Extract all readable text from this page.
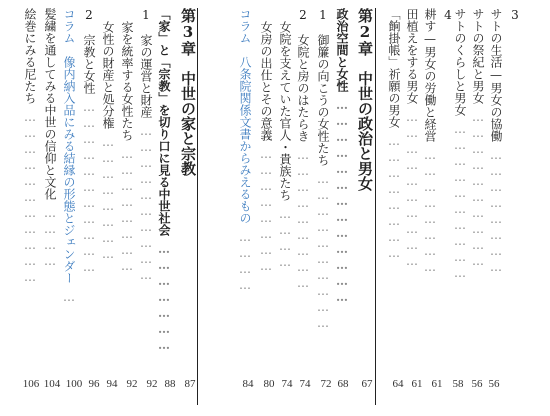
3
サトの生活—男女の協働
……………………
56
サトの祭紀と男女
…………………………
56
サトのくらしと男女
…………………………
58
4
耕す—男女の労働と経営
……………………
61
田植えをする男女
…………………………
61
「餉掛帳」祈願の男女
……………………
64
第2章　中世の政治と男女
67
政治空間と女性
…………………………………
68
1　御簾の向こうの女性たち
…………………………
72
2　女院と房のはたらき
………………………
74
女院を支えていた官人・貴族たち
…………
74
女房の出仕とその意義
……………………
80
コラム　八条院関係文書からみえるもの
…………
84
第3章　中世の家と宗教
87
「家」と「宗教」を切り口に見る中世社会
…………………
88
1　家の運営と財産
…………………………
92
家を統率する女性たち
……………………
92
女性の財産と処分権
……………………
94
2　宗教と女性
……………………………
96
コラム　像内納入品にみる結縁の形態とジェンダー
…
100
髪繍を通してみる中世の信仰と文化
…………
104
絵巻にみる尼たち
……………………………
106
